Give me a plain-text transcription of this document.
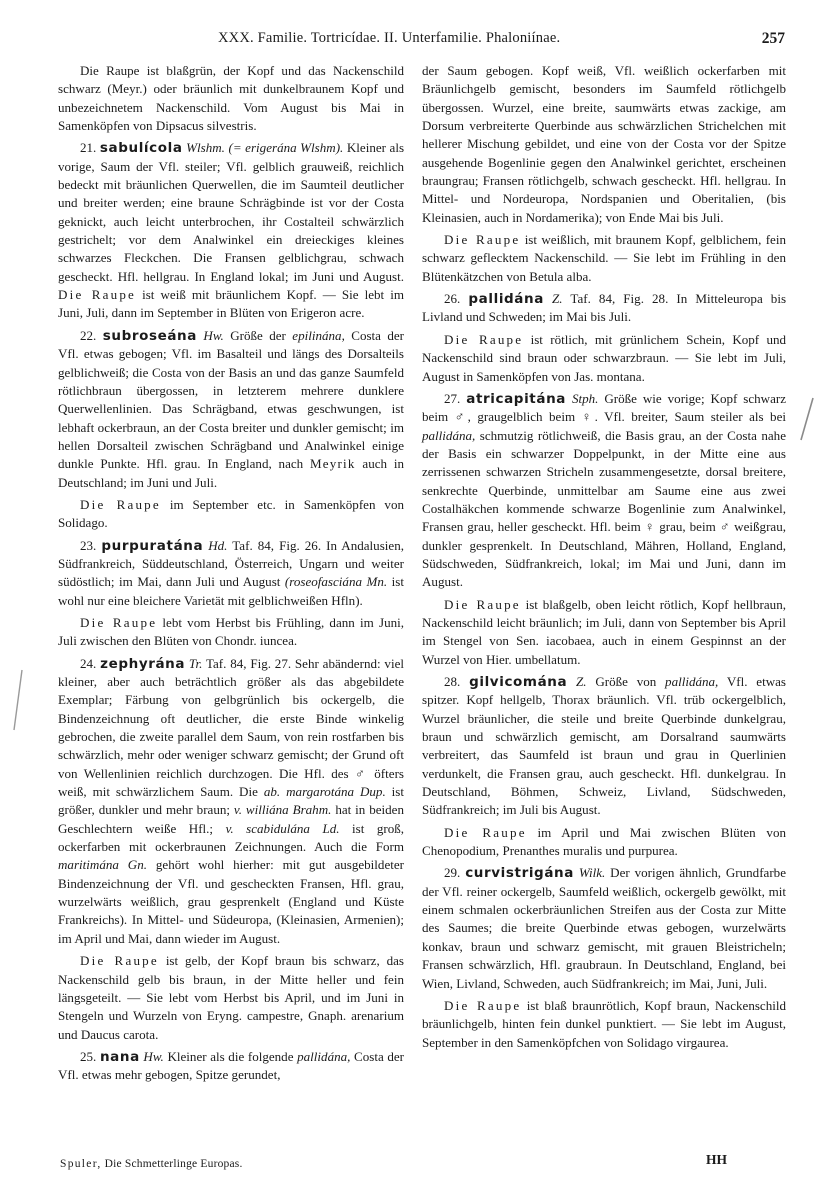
XXX. Familie. Tortricídae. II. Unterfamilie. Phaloniínae.	257

Die Raupe ist blaßgrün, der Kopf und das Nackenschild schwarz (Meyr.) oder bräunlich mit dunkelbraunem Kopf und unbezeichnetem Nackenschild. Vom August bis Mai in Samenköpfen von Dipsacus silvestris.

21. sabulícola Wlshm. (= erigerána Wlshm). Kleiner als vorige, Saum der Vfl. steiler; Vfl. gelblich grauweiß, reichlich bedeckt mit bräunlichen Querwellen, die im Saumteil deutlicher und breiter werden; eine braune Schrägbinde ist vor der Costa geknickt, auch leicht unterbrochen, ihr Costalteil schwärzlich gestrichelt; vor dem Analwinkel ein dreieckiges kleines schwarzes Fleckchen. Die Fransen gelblichgrau, schwach gescheckt. Hfl. hellgrau. In England lokal; im Juni und August. Die Raupe ist weiß mit bräunlichem Kopf. — Sie lebt im Juni, Juli, dann im September in Blüten von Erigeron acre.

22. subroseána Hw. Größe der epilinána, Costa der Vfl. etwas gebogen; Vfl. im Basalteil und längs des Dorsalteils gelblichweiß; die Costa von der Basis an und das ganze Saumfeld rötlichbraun übergossen, in letzterem mehrere dunklere Querwellenlinien. Das Schrägband, etwas geschwungen, ist lebhaft ockerbraun, an der Costa breiter und dunkler gemischt; im hellen Dorsalteil zwischen Schrägband und Analwinkel einige dunkle Punkte. Hfl. grau. In England, nach Meyrik auch in Deutschland; im Juni und Juli.

Die Raupe im September etc. in Samenköpfen von Solidago.

23. purpuratána Hd. Taf. 84, Fig. 26. In Andalusien, Südfrankreich, Süddeutschland, Österreich, Ungarn und weiter südöstlich; im Mai, dann Juli und August (roseofasciána Mn. ist wohl nur eine bleichere Varietät mit gelblichweißen Hfln).

Die Raupe lebt vom Herbst bis Frühling, dann im Juni, Juli zwischen den Blüten von Chondr. iuncea.

24. zephyrána Tr. Taf. 84, Fig. 27. Sehr abändernd: viel kleiner, aber auch beträchtlich größer als das abgebildete Exemplar; Färbung von gelbgrünlich bis ockergelb, die Bindenzeichnung oft deutlicher, die erste Binde winkelig gebrochen, die zweite parallel dem Saum, von rein rostfarben bis schwärzlich, mehr oder weniger schwarz gemischt; der Grund oft von Wellenlinien reichlich durchzogen. Die Hfl. des ♂ öfters weiß, mit schwärzlichem Saum. Die ab. margarotána Dup. ist größer, dunkler und mehr braun; v. williána Brahm. hat in beiden Geschlechtern weiße Hfl.; v. scabidulána Ld. ist groß, ockerfarben mit ockerbraunen Zeichnungen. Auch die Form maritimána Gn. gehört wohl hierher: mit gut ausgebildeter Bindenzeichnung der Vfl. und gescheckten Fransen, Hfl. grau, wurzelwärts weißlich, grau gesprenkelt (England und Küste Frankreichs). In Mittel- und Südeuropa, (Kleinasien, Armenien); im April und Mai, dann wieder im August.

Die Raupe ist gelb, der Kopf braun bis schwarz, das Nackenschild gelb bis braun, in der Mitte heller und fein längsgeteilt. — Sie lebt vom Herbst bis April, und im Juni in Stengeln und Wurzeln von Eryng. campestre, Gnaph. arenarium und Daucus carota.

25. nana Hw. Kleiner als die folgende pallidána, Costa der Vfl. etwas mehr gebogen, Spitze gerundet,

der Saum gebogen. Kopf weiß, Vfl. weißlich ockerfarben mit Bräunlichgelb gemischt, besonders im Saumfeld rötlichgelb übergossen. Wurzel, eine breite, saumwärts etwas zackige, am Dorsum verbreiterte Querbinde aus schwärzlichen Strichelchen mit hellerer Mischung gebildet, und eine von der Costa vor der Spitze ausgehende Bogenlinie gegen den Analwinkel gerichtet, erscheinen braungrau; Fransen rötlichgelb, schwach gescheckt. Hfl. hellgrau. In Mittel- und Nordeuropa, Nordspanien und Oberitalien, (bis Kleinasien, auch in Nordamerika); von Ende Mai bis Juli.

Die Raupe ist weißlich, mit braunem Kopf, gelblichem, fein schwarz geflecktem Nackenschild. — Sie lebt im Frühling in den Blütenkätzchen von Betula alba.

26. pallidána Z. Taf. 84, Fig. 28. In Mitteleuropa bis Livland und Schweden; im Mai bis Juli.

Die Raupe ist rötlich, mit grünlichem Schein, Kopf und Nackenschild sind braun oder schwarzbraun. — Sie lebt im Juli, August in Samenköpfen von Jas. montana.

27. atricapitána Stph. Größe wie vorige; Kopf schwarz beim ♂, graugelblich beim ♀. Vfl. breiter, Saum steiler als bei pallidána, schmutzig rötlichweiß, die Basis grau, an der Costa nahe der Basis ein schwarzer Doppelpunkt, in der Mitte eine aus zerrissenen schwarzen Stricheln zusammengesetzte, dorsal breitere, senkrechte Querbinde, unmittelbar am Saume eine aus zwei Costalhäkchen kommende schwarze Bogenlinie zum Analwinkel, Fransen grau, heller gescheckt. Hfl. beim ♀ grau, beim ♂ weißgrau, dunkler gesprenkelt. In Deutschland, Mähren, Holland, England, Südschweden, Südfrankreich, lokal; im Mai und Juni, dann im August.

Die Raupe ist blaßgelb, oben leicht rötlich, Kopf hellbraun, Nackenschild leicht bräunlich; im Juli, dann von September bis April im Stengel von Sen. iacobaea, auch in einem Gespinnst an der Wurzel von Hier. umbellatum.

28. gilvicomána Z. Größe von pallidána, Vfl. etwas spitzer. Kopf hellgelb, Thorax bräunlich. Vfl. trüb ockergelblich, Wurzel bräunlicher, die steile und breite Querbinde dunkelgrau, braun und schwärzlich gemischt, am Dorsalrand saumwärts verbreitert, das Saumfeld ist braun und grau in Querlinien verdunkelt, die Fransen grau, auch gescheckt. Hfl. dunkelgrau. In Deutschland, Böhmen, Schweiz, Livland, Südschweden, Südfrankreich; im Juli bis August.

Die Raupe im April und Mai zwischen Blüten von Chenopodium, Prenanthes muralis und purpurea.

29. curvistrigána Wilk. Der vorigen ähnlich, Grundfarbe der Vfl. reiner ockergelb, Saumfeld weißlich, ockergelb gewölkt, mit einem schmalen ockerbräunlichen Streifen aus der Costa zur Mitte des Saumes; die breite Querbinde etwas gebogen, wurzelwärts konkav, braun und schwarz gemischt, mit grauen Bleistricheln; Fransen schwärzlich, Hfl. graubraun. In Deutschland, England, bei Wien, Livland, Schweden, auch Südfrankreich; im Mai, Juni, Juli.

Die Raupe ist blaß braunrötlich, Kopf braun, Nackenschild bräunlichgelb, hinten fein dunkel punktiert. — Sie lebt im August, September in den Samenköpfchen von Solidago virgaurea.

Spuler, Die Schmetterlinge Europas.	HH
